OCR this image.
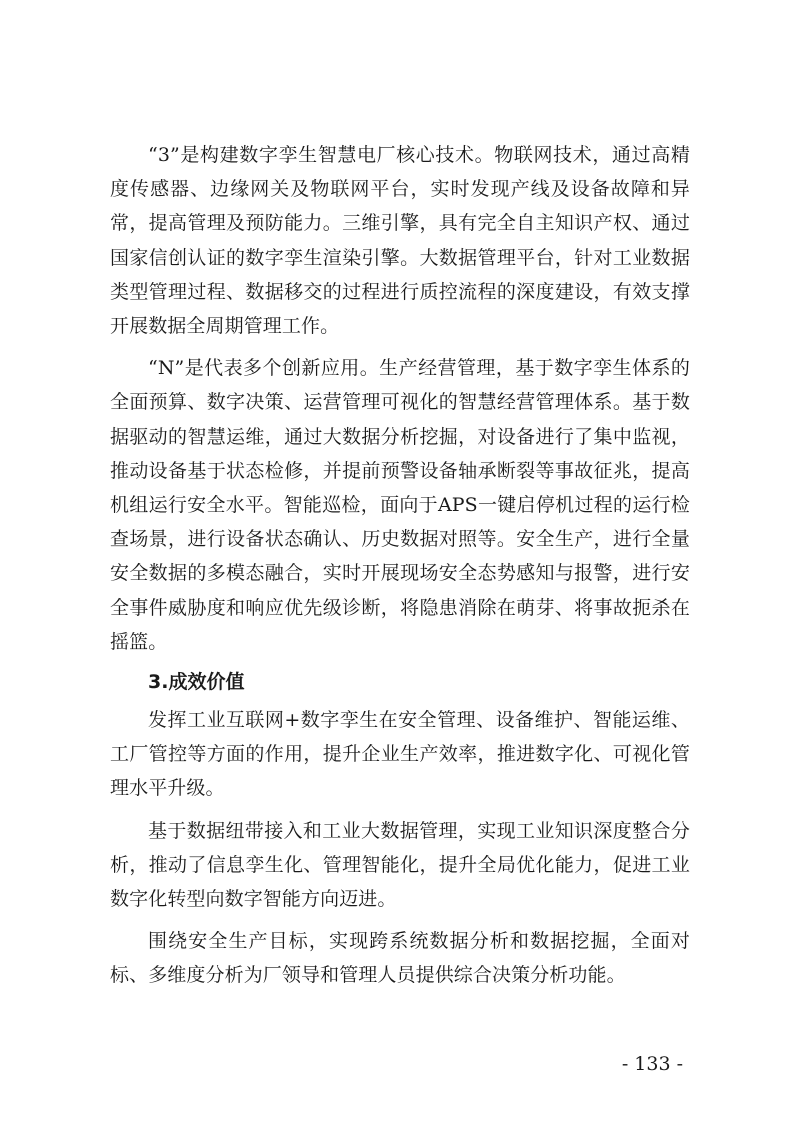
“3”是构建数字孪生智慧电厂核心技术。物联网技术，通过高精度传感器、边缘网关及物联网平台，实时发现产线及设备故障和异常，提高管理及预防能力。三维引擎，具有完全自主知识产权、通过国家信创认证的数字孪生渲染引擎。大数据管理平台，针对工业数据类型管理过程、数据移交的过程进行质控流程的深度建设，有效支撑开展数据全周期管理工作。

“N”是代表多个创新应用。生产经营管理，基于数字孪生体系的全面预算、数字决策、运营管理可视化的智慧经营管理体系。基于数据驱动的智慧运维，通过大数据分析挖掘，对设备进行了集中监视，推动设备基于状态检修，并提前预警设备轴承断裂等事故征兆，提高机组运行安全水平。智能巡检，面向于APS一键启停机过程的运行检查场景，进行设备状态确认、历史数据对照等。安全生产，进行全量安全数据的多模态融合，实时开展现场安全态势感知与报警，进行安全事件威胁度和响应优先级诊断，将隐患消除在萌芽、将事故扼杀在摇篮。

3.成效价值

发挥工业互联网+数字孪生在安全管理、设备维护、智能运维、工厂管控等方面的作用，提升企业生产效率，推进数字化、可视化管理水平升级。

基于数据纽带接入和工业大数据管理，实现工业知识深度整合分析，推动了信息孪生化、管理智能化，提升全局优化能力，促进工业数字化转型向数字智能方向迈进。

围绕安全生产目标，实现跨系统数据分析和数据挖掘，全面对标、多维度分析为厂领导和管理人员提供综合决策分析功能。

- 133 -
